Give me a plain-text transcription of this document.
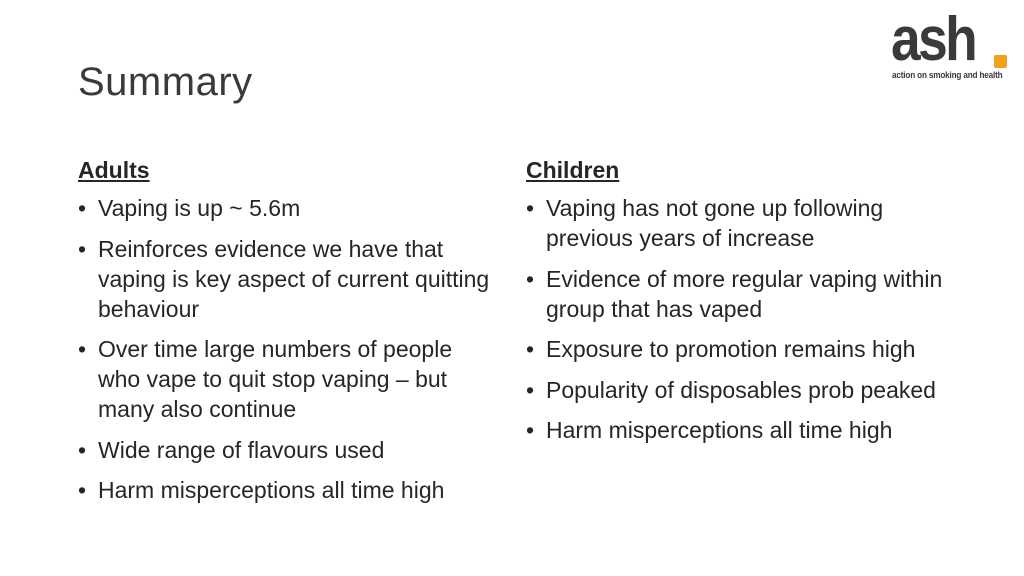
Summary
ash
action on smoking and health
Adults
• Vaping is up ~ 5.6m
• Reinforces evidence we have that vaping is key aspect of current quitting behaviour
• Over time large numbers of people who vape to quit stop vaping – but many also continue
• Wide range of flavours used
• Harm misperceptions all time high
Children
• Vaping has not gone up following previous years of increase
• Evidence of more regular vaping within group that has vaped
• Exposure to promotion remains high
• Popularity of disposables prob peaked
• Harm misperceptions all time high
